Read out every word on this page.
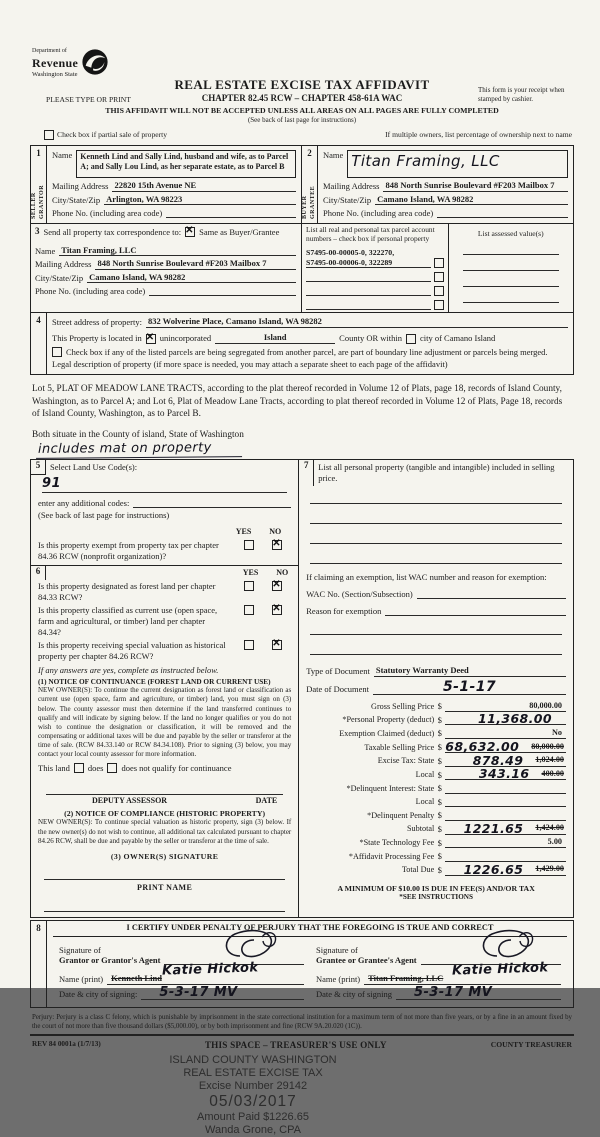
Department of
Revenue
Washington State
REAL ESTATE EXCISE TAX AFFIDAVIT
PLEASE TYPE OR PRINT	CHAPTER 82.45 RCW – CHAPTER 458-61A WAC
This form is your receipt when stamped by cashier.
THIS AFFIDAVIT WILL NOT BE ACCEPTED UNLESS ALL AREAS ON ALL PAGES ARE FULLY COMPLETED
(See back of last page for instructions)
Check box if partial sale of property	If multiple owners, list percentage of ownership next to name
1
SELLER GRANTOR
Name	Kenneth Lind and Sally Lind, husband and wife, as to Parcel A; and Sally Lou Lind, as her separate estate, as to Parcel B
Mailing Address 22820 15th Avenue NE
City/State/Zip Arlington, WA 98223
Phone No. (including area code)
2
BUYER GRANTEE
Name Titan Framing, LLC
Mailing Address 848 North Sunrise Boulevard #F203 Mailbox 7
City/State/Zip Camano Island, WA 98282
Phone No. (including area code)
3 Send all property tax correspondence to: ✕ Same as Buyer/Grantee
Name Titan Framing, LLC
Mailing Address 848 North Sunrise Boulevard #F203 Mailbox 7
City/State/Zip Camano Island, WA 98282
Phone No. (including area code)
List all real and personal tax parcel account numbers – check box if personal property
S7495-00-00005-0, 322270,
S7495-00-00006-0, 322289
List assessed value(s)
4	Street address of property: 832 Wolverine Place, Camano Island, WA 98282
This Property is located in ✕ unincorporated	Island	County OR within city of Camano Island
Check box if any of the listed parcels are being segregated from another parcel, are part of boundary line adjustment or parcels being merged.
Legal description of property (if more space is needed, you may attach a separate sheet to each page of the affidavit)
Lot 5, PLAT OF MEADOW LANE TRACTS, according to the plat thereof recorded in Volume 12 of Plats, page 18, records of Island County, Washington, as to Parcel A; and Lot 6, Plat of Meadow Lane Tracts, according to plat thereof recorded in Volume 12 of Plats, Page 18, records of Island County, Washington, as to Parcel B.
Both situate in the County of island, State of Washington
includes mat on property
5	Select Land Use Code(s):
91
enter any additional codes:
(See back of last page for instructions)
YES NO
Is this property exempt from property tax per chapter 84.36 RCW (nonprofit organization)?
✕
6	YES NO
Is this property designated as forest land per chapter 84.33 RCW?
✕
Is this property classified as current use (open space, farm and agricultural, or timber) land per chapter 84.34?
✕
Is this property receiving special valuation as historical property per chapter 84.26 RCW?
✕
If any answers are yes, complete as instructed below.
(1) NOTICE OF CONTINUANCE (FOREST LAND OR CURRENT USE)
NEW OWNER(S): To continue the current designation as forest land or classification as current use (open space, farm and agriculture, or timber) land, you must sign on (3) below. The county assessor must then determine if the land transferred continues to qualify and will indicate by signing below. If the land no longer qualifies or you do not wish to continue the designation or classification, it will be removed and the compensating or additional taxes will be due and payable by the seller or transferor at the time of sale. (RCW 84.33.140 or RCW 84.34.108). Prior to signing (3) below, you may contact your local county assessor for more information.
This land does does not qualify for continuance
DEPUTY ASSESSOR	DATE
(2) NOTICE OF COMPLIANCE (HISTORIC PROPERTY)
NEW OWNER(S): To continue special valuation as historic property, sign (3) below. If the new owner(s) do not wish to continue, all additional tax calculated pursuant to chapter 84.26 RCW, shall be due and payable by the seller or transferor at the time of sale.
(3) OWNER(S) SIGNATURE
PRINT NAME
7	List all personal property (tangible and intangible) included in selling price.
If claiming an exemption, list WAC number and reason for exemption:
WAC No. (Section/Subsection)
Reason for exemption
Type of Document Statutory Warranty Deed
Date of Document	5-1-17
Gross Selling Price $	80,000.00
*Personal Property (deduct) $	11,368.00
Exemption Claimed (deduct) $	No
Taxable Selling Price $ 68,632.00 80,000.00
Excise Tax: State $ 878.49 1,024.00
Local $	343.16 400.00
*Delinquent Interest: State $
Local $
*Delinquent Penalty $
Subtotal $ 1221.65 1,424.00
*State Technology Fee $	5.00
*Affidavit Processing Fee $
Total Due $ 1226.65 1,429.00
A MINIMUM OF $10.00 IS DUE IN FEE(S) AND/OR TAX
*SEE INSTRUCTIONS
8	I CERTIFY UNDER PENALTY OF PERJURY THAT THE FOREGOING IS TRUE AND CORRECT
Signature of
Grantor or Grantor's Agent
Name (print) Kenneth Lind Katie Hickok
Date & city of signing:	5-3-17 MV
Signature of
Grantee or Grantee's Agent
Name (print) Titan Framing, LLC Katie Hickok
Date & city of signing	5-3-17 MV
Perjury: Perjury is a class C felony, which is punishable by imprisonment in the state correctional institution for a maximum term of not more than five years, or by a fine in an amount fixed by the court of not more than five thousand dollars ($5,000.00), or by both imprisonment and fine (RCW 9A.20.020 (1C)).
REV 84 0001a (1/7/13)	THIS SPACE – TREASURER'S USE ONLY	COUNTY TREASURER
ISLAND COUNTY WASHINGTON
REAL ESTATE EXCISE TAX
Excise Number 29142
05/03/2017
Amount Paid $1226.65
Wanda Grone, CPA
